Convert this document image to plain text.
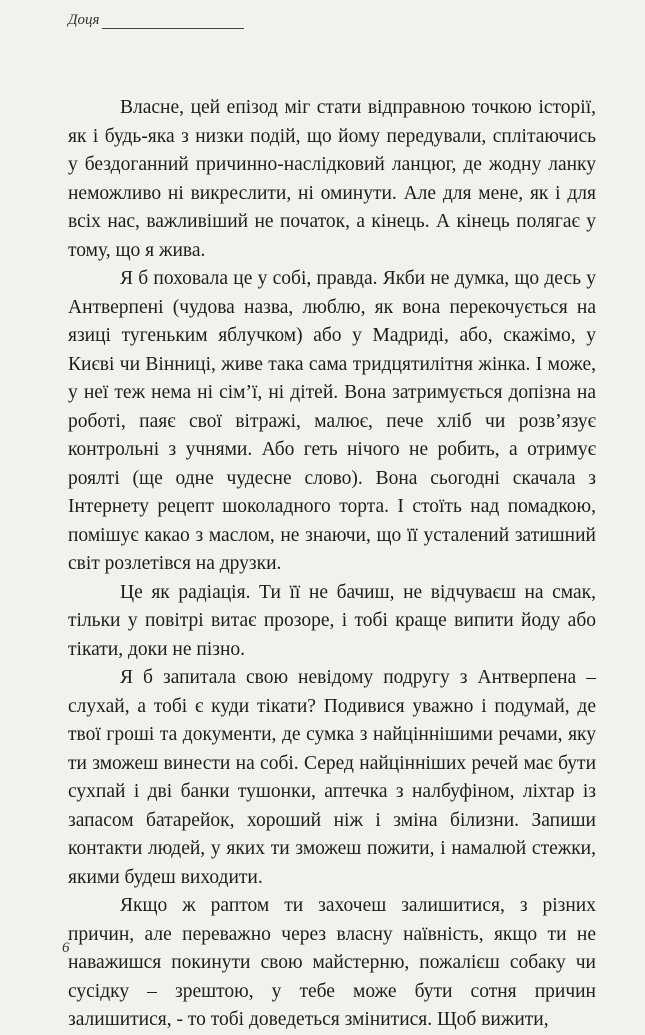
Доця

Власне, цей епізод міг стати відправною точкою історії, як і будь-яка з низки подій, що йому передували, сплітаючись у бездоганний причинно-наслідковий ланцюг, де жодну ланку неможливо ні викреслити, ні оминути. Але для мене, як і для всіх нас, важливіший не початок, а кінець. А кінець полягає у тому, що я жива.

Я б поховала це у собі, правда. Якби не думка, що десь у Антверпені (чудова назва, люблю, як вона перекочується на язиці тугеньким яблучком) або у Мадриді, або, скажімо, у Києві чи Вінниці, живе така сама тридцятилітня жінка. І може, у неї теж нема ні сім’ї, ні дітей. Вона затримується допізна на роботі, паяє свої вітражі, малює, пече хліб чи розв’язує контрольні з учнями. Або геть нічого не робить, а отримує роялті (ще одне чудесне слово). Вона сьогодні скачала з Інтернету рецепт шоколадного торта. І стоїть над помадкою, помішує какао з маслом, не знаючи, що її усталений затишний світ розлетівся на друзки.

Це як радіація. Ти її не бачиш, не відчуваєш на смак, тільки у повітрі витає прозоре, і тобі краще випити йоду або тікати, доки не пізно.

Я б запитала свою невідому подругу з Антверпена – слухай, а тобі є куди тікати? Подивися уважно і подумай, де твої гроші та документи, де сумка з найціннішими речами, яку ти зможеш винести на собі. Серед найцінніших речей має бути сухпай і дві банки тушонки, аптечка з налбуфіном, ліхтар із запасом батарейок, хороший ніж і зміна білизни. Запиши контакти людей, у яких ти зможеш пожити, і намалюй стежки, якими будеш виходити.

Якщо ж раптом ти захочеш залишитися, з різних причин, але переважно через власну наївність, якщо ти не наважишся покинути свою майстерню, пожалієш собаку чи сусідку – зрештою, у тебе може бути сотня причин залишитися, - то тобі доведеться змінитися. Щоб вижити,

6
